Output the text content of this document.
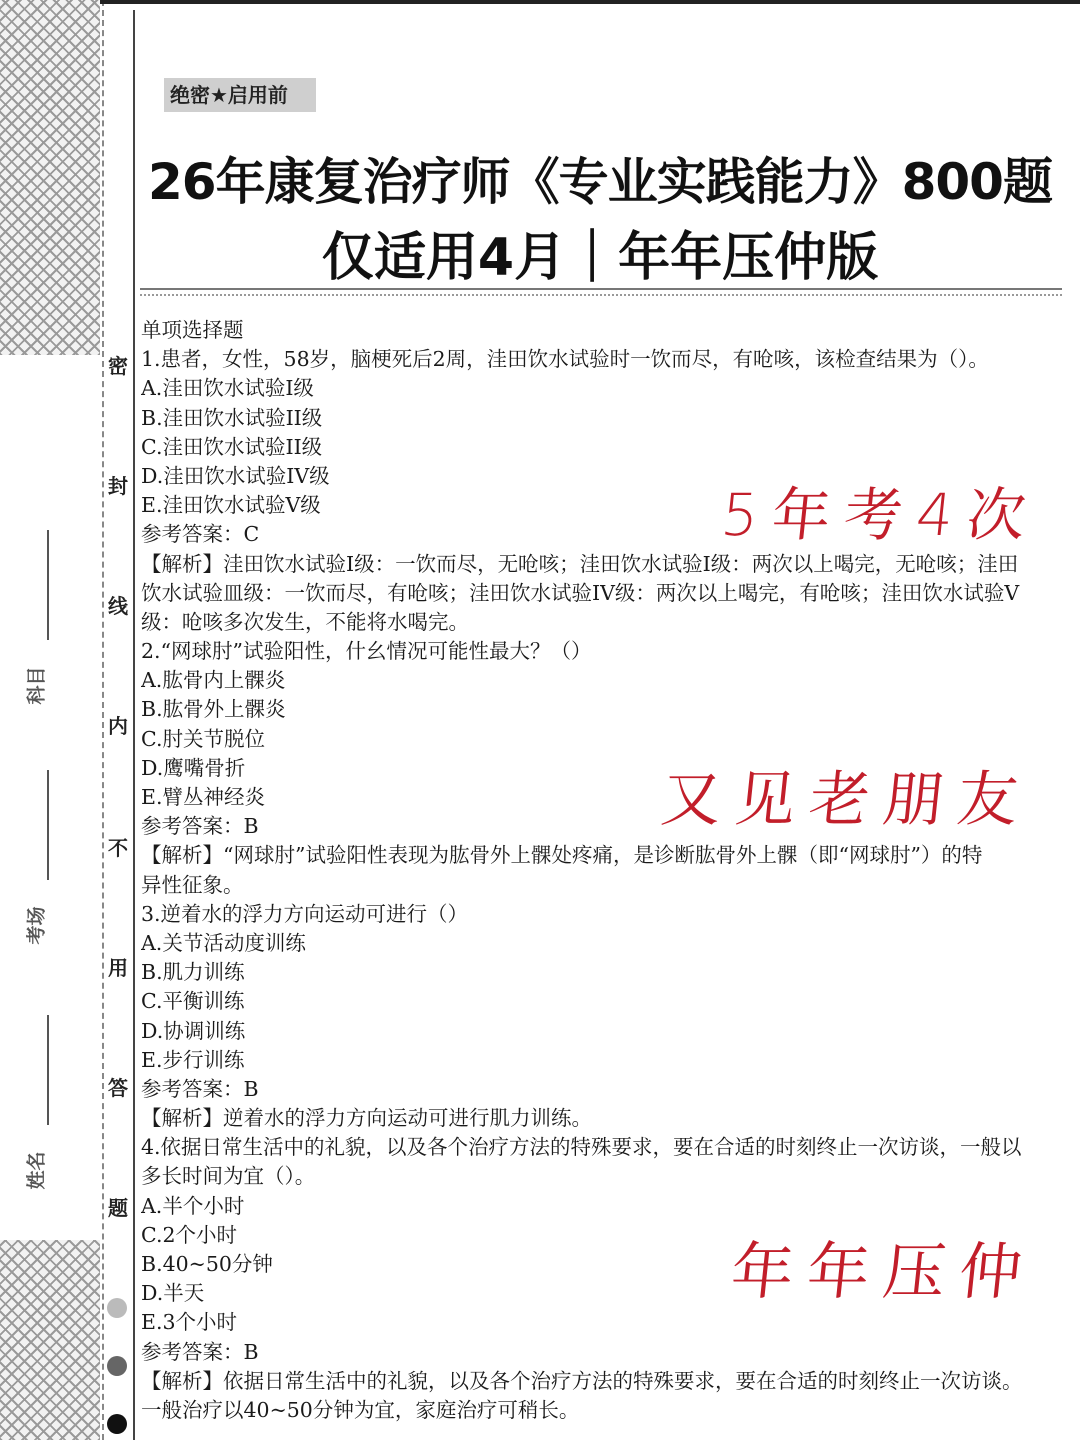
科目
考场
姓名
密
封
线
内
不
用
答
题
绝密★启用前
26年康复治疗师《专业实践能力》800题
仅适用4月｜年年压仲版
单项选择题
1.患者，女性，58岁，脑梗死后2周，洼田饮水试验时一饮而尽，有呛咳，该检查结果为（）。
A.洼田饮水试验I级
B.洼田饮水试验II级
C.洼田饮水试验II级
D.洼田饮水试验IV级
E.洼田饮水试验V级
参考答案：C
【解析】洼田饮水试验I级：一饮而尽，无呛咳；洼田饮水试验I级：两次以上喝完，无呛咳；洼田
饮水试验皿级：一饮而尽，有呛咳；洼田饮水试验IV级：两次以上喝完，有呛咳；洼田饮水试验V
级：呛咳多次发生，不能将水喝完。
2.“网球肘”试验阳性，什幺情况可能性最大？（）
A.肱骨内上髁炎
B.肱骨外上髁炎
C.肘关节脱位
D.鹰嘴骨折
E.臂丛神经炎
参考答案：B
【解析】“网球肘”试验阳性表现为肱骨外上髁处疼痛，是诊断肱骨外上髁（即“网球肘”）的特
异性征象。
3.逆着水的浮力方向运动可进行（）
A.关节活动度训练
B.肌力训练
C.平衡训练
D.协调训练
E.步行训练
参考答案：B
【解析】逆着水的浮力方向运动可进行肌力训练。
4.依据日常生活中的礼貌，以及各个治疗方法的特殊要求，要在合适的时刻终止一次访谈，一般以
多长时间为宜（）。
A.半个小时
C.2个小时
B.40~50分钟
D.半天
E.3个小时
参考答案：B
【解析】依据日常生活中的礼貌，以及各个治疗方法的特殊要求，要在合适的时刻终止一次访谈。
一般治疗以40~50分钟为宜，家庭治疗可稍长。
5年考4次
又见老朋友
年年压仲
